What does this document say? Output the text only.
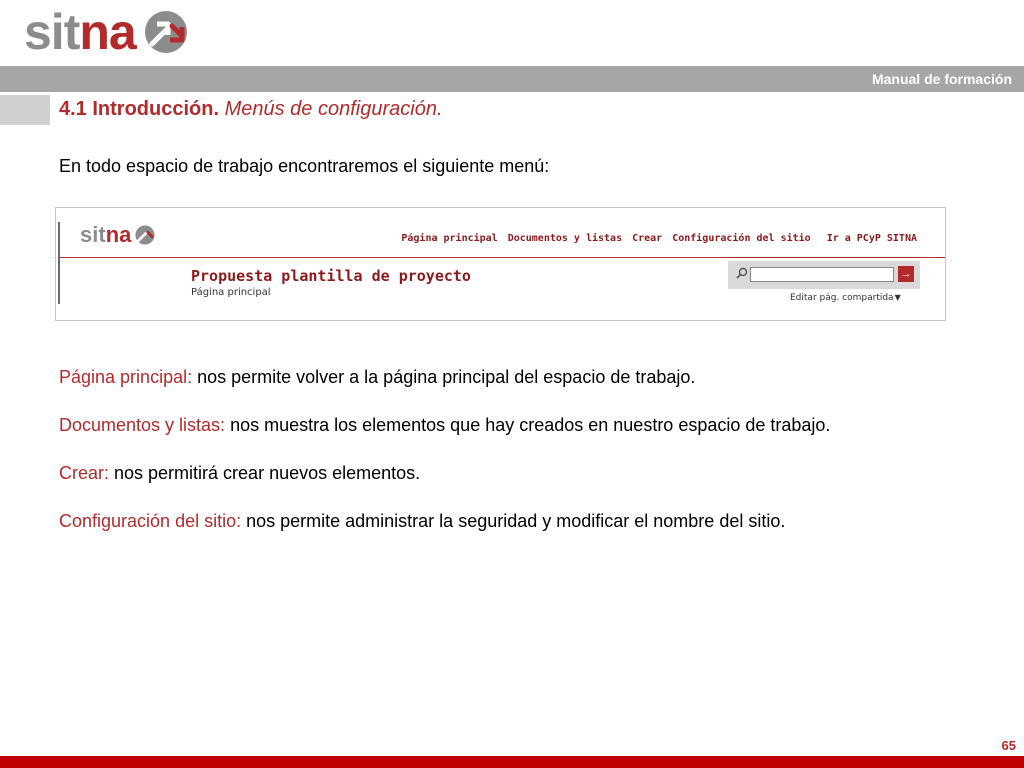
sit na
Manual de formación
4.1 Introducción. Menús de configuración.
En todo espacio de trabajo encontraremos el siguiente menú:
sit na	Página principal Documentos y listas Crear Configuración del sitio Ir a PCyP SITNA
Propuesta plantilla de proyecto
Página principal
→
Editar pág. compartida▼
Página principal: nos permite volver a la página principal del espacio de trabajo.
Documentos y listas: nos muestra los elementos que hay creados en nuestro espacio de trabajo.
Crear: nos permitirá crear nuevos elementos.
Configuración del sitio: nos permite administrar la seguridad y modificar el nombre del sitio.
65
